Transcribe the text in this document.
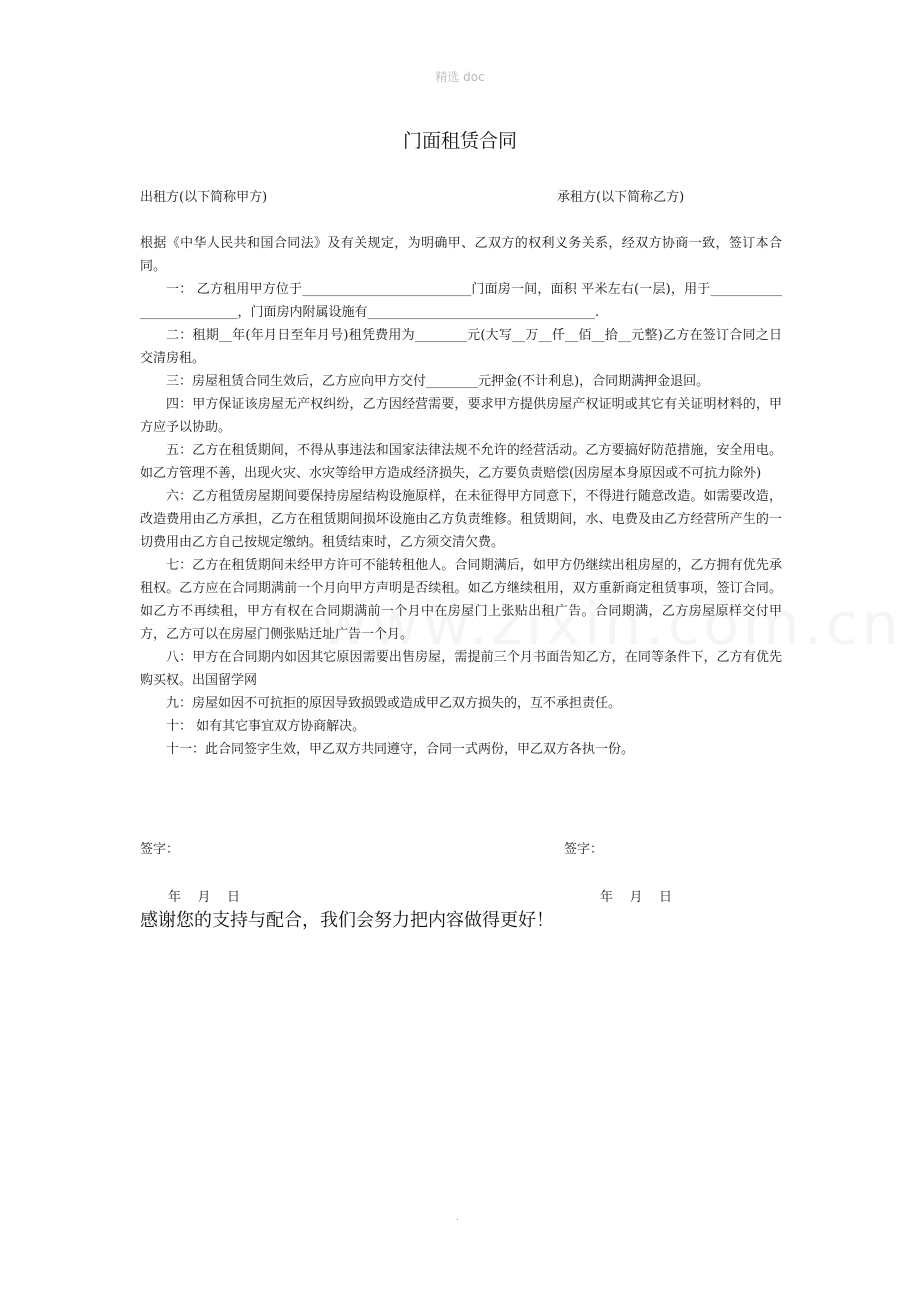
精选 doc
门面租赁合同
出租方(以下简称甲方)	承租方(以下简称乙方)

根据《中华人民共和国合同法》及有关规定，为明确甲、乙双方的权利义务关系，经双方协商一致，签订本合同。

一： 乙方租用甲方位于__________________________门面房一间，面积 平米左右(一层)，用于__________________________，门面房内附属设施有___________________________________.

二：租期__年(年月日至年月号)租凭费用为________元(大写__万__仟__佰__拾__元整)乙方在签订合同之日交清房租。

三：房屋租赁合同生效后，乙方应向甲方交付________元押金(不计利息)，合同期满押金退回。

四：甲方保证该房屋无产权纠纷，乙方因经营需要，要求甲方提供房屋产权证明或其它有关证明材料的，甲方应予以协助。

五：乙方在租赁期间，不得从事违法和国家法律法规不允许的经营活动。乙方要搞好防范措施，安全用电。如乙方管理不善，出现火灾、水灾等给甲方造成经济损失，乙方要负责赔偿(因房屋本身原因或不可抗力除外)

六：乙方租赁房屋期间要保持房屋结构设施原样，在未征得甲方同意下，不得进行随意改造。如需要改造，改造费用由乙方承担，乙方在租赁期间损坏设施由乙方负责维修。租赁期间，水、电费及由乙方经营所产生的一切费用由乙方自己按规定缴纳。租赁结束时，乙方须交清欠费。

七：乙方在租赁期间未经甲方许可不能转租他人。合同期满后，如甲方仍继续出租房屋的，乙方拥有优先承租权。乙方应在合同期满前一个月向甲方声明是否续租。如乙方继续租用，双方重新商定租赁事项，签订合同。如乙方不再续租，甲方有权在合同期满前一个月中在房屋门上张贴出租广告。合同期满，乙方房屋原样交付甲方，乙方可以在房屋门侧张贴迁址广告一个月。

八：甲方在合同期内如因其它原因需要出售房屋，需提前三个月书面告知乙方，在同等条件下，乙方有优先购买权。出国留学网

九：房屋如因不可抗拒的原因导致损毁或造成甲乙双方损失的，互不承担责任。

十： 如有其它事宜双方协商解决。

十一：此合同签字生效，甲乙双方共同遵守，合同一式两份，甲乙双方各执一份。

签字：	签字：
年    月    日	年    月    日
感谢您的支持与配合，我们会努力把内容做得更好！
.
